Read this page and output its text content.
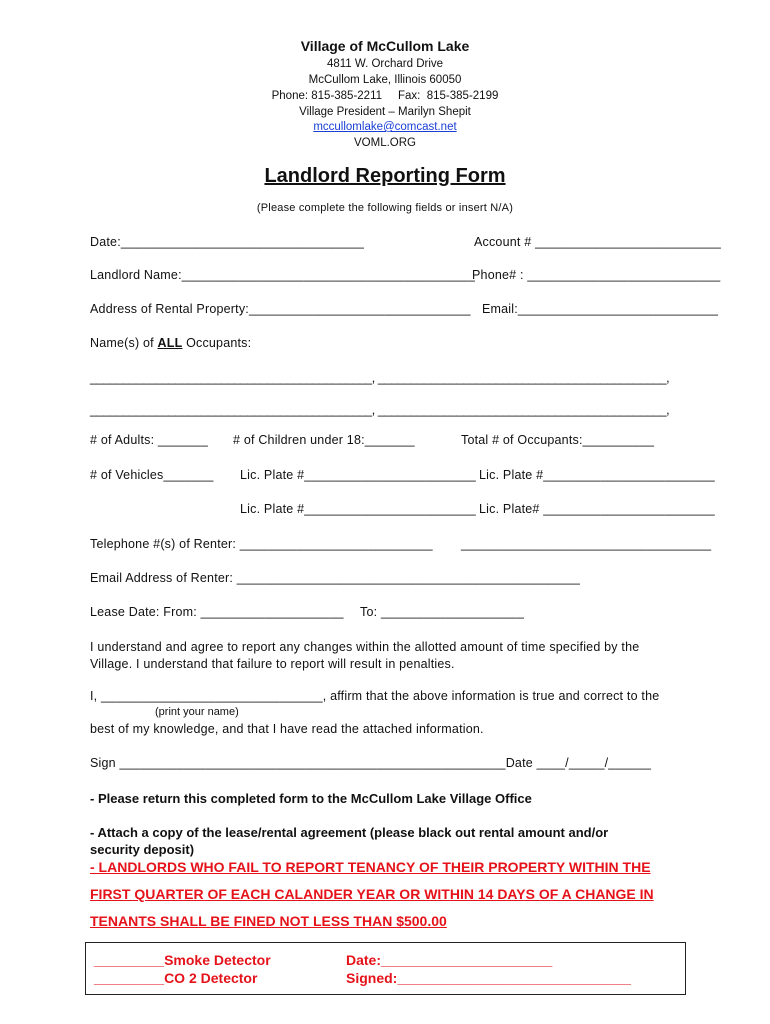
Village of McCullom Lake
4811 W. Orchard Drive
McCullom Lake, Illinois 60050
Phone: 815-385-2211     Fax:  815-385-2199
Village President – Marilyn Shepit
mccullomlake@comcast.net
VOML.ORG
Landlord Reporting Form
(Please complete the following fields or insert N/A)
Date:__________________________________	Account # __________________________
Landlord Name:_________________________________________
Phone# : ___________________________
Address of Rental Property:_______________________________ Email:____________________________
Name(s) of ALL Occupants:
___________________________________________, ____________________________________________,
___________________________________________, ____________________________________________,
# of Adults: _______ # of Children under 18:_______	Total # of Occupants:__________
# of Vehicles_______ Lic. Plate #________________________ Lic. Plate #________________________
Lic. Plate #________________________ Lic. Plate# ________________________
Telephone #(s) of Renter: ___________________________ ___________________________________
Email Address of Renter: ________________________________________________
Lease Date: From: ____________________ To: ____________________
I understand and agree to report any changes within the allotted amount of time specified by the
Village. I understand that failure to report will result in penalties.
I, _______________________________, affirm that the above information is true and correct to the
(print your name)
best of my knowledge, and that I have read the attached information.
Sign ______________________________________________________Date ____/_____/______
- Please return this completed form to the McCullom Lake Village Office
- Attach a copy of the lease/rental agreement (please black out rental amount and/or
security deposit)
- LANDLORDS WHO FAIL TO REPORT TENANCY OF THEIR PROPERTY WITHIN THE
FIRST QUARTER OF EACH CALANDER YEAR OR WITHIN 14 DAYS OF A CHANGE IN
TENANTS SHALL BE FINED NOT LESS THAN $500.00
_________Smoke Detector
_________CO 2 Detector
Date:______________________
Signed:______________________________
